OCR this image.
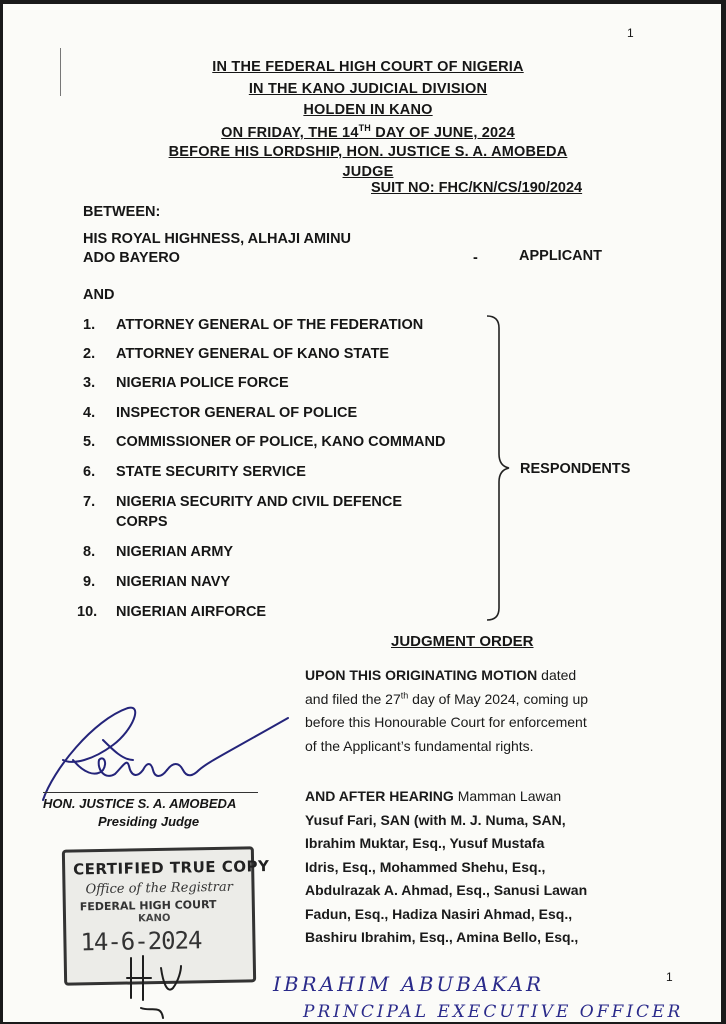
1
IN THE FEDERAL HIGH COURT OF NIGERIA
IN THE KANO JUDICIAL DIVISION
HOLDEN IN KANO
ON FRIDAY, THE 14TH DAY OF JUNE, 2024
BEFORE HIS LORDSHIP, HON. JUSTICE S. A. AMOBEDA
JUDGE
SUIT NO: FHC/KN/CS/190/2024
BETWEEN:
HIS ROYAL HIGHNESS, ALHAJI AMINU
ADO BAYERO	-	APPLICANT
AND
1. ATTORNEY GENERAL OF THE FEDERATION
2. ATTORNEY GENERAL OF KANO STATE
3. NIGERIA POLICE FORCE
4. INSPECTOR GENERAL OF POLICE
5. COMMISSIONER OF POLICE, KANO COMMAND
6. STATE SECURITY SERVICE
7. NIGERIA SECURITY AND CIVIL DEFENCE
CORPS
8. NIGERIAN ARMY
9. NIGERIAN NAVY
10. NIGERIAN AIRFORCE
RESPONDENTS
JUDGMENT ORDER
UPON THIS ORIGINATING MOTION dated
and filed the 27th day of May 2024, coming up
before this Honourable Court for enforcement
of the Applicant’s fundamental rights.
AND AFTER HEARING Mamman Lawan
Yusuf Fari, SAN (with M. J. Numa, SAN,
Ibrahim Muktar, Esq., Yusuf Mustafa
Idris, Esq., Mohammed Shehu, Esq.,
Abdulrazak A. Ahmad, Esq., Sanusi Lawan
Fadun, Esq., Hadiza Nasiri Ahmad, Esq.,
Bashiru Ibrahim, Esq., Amina Bello, Esq.,
HON. JUSTICE S. A. AMOBEDA
Presiding Judge
CERTIFIED TRUE COPY
Office of the Registrar
FEDERAL HIGH COURT
KANO
14-6-2024
IBRAHIM ABUBAKAR
PRINCIPAL EXECUTIVE OFFICER
1
